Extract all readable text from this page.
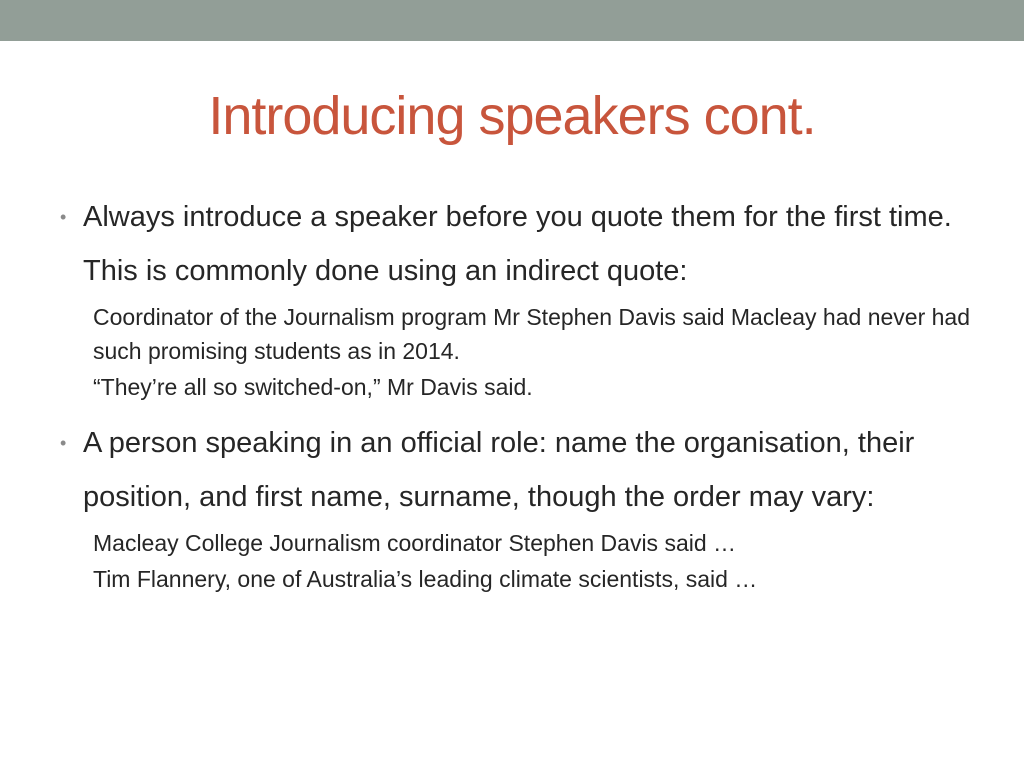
Introducing speakers cont.
• Always introduce a speaker before you quote them for the first time. This is commonly done using an indirect quote:
Coordinator of the Journalism program Mr Stephen Davis said Macleay had never had such promising students as in 2014.
“They’re all so switched-on,” Mr Davis said.
• A person speaking in an official role: name the organisation, their position, and first name, surname, though the order may vary:
Macleay College Journalism coordinator Stephen Davis said …
Tim Flannery, one of Australia’s leading climate scientists, said …
